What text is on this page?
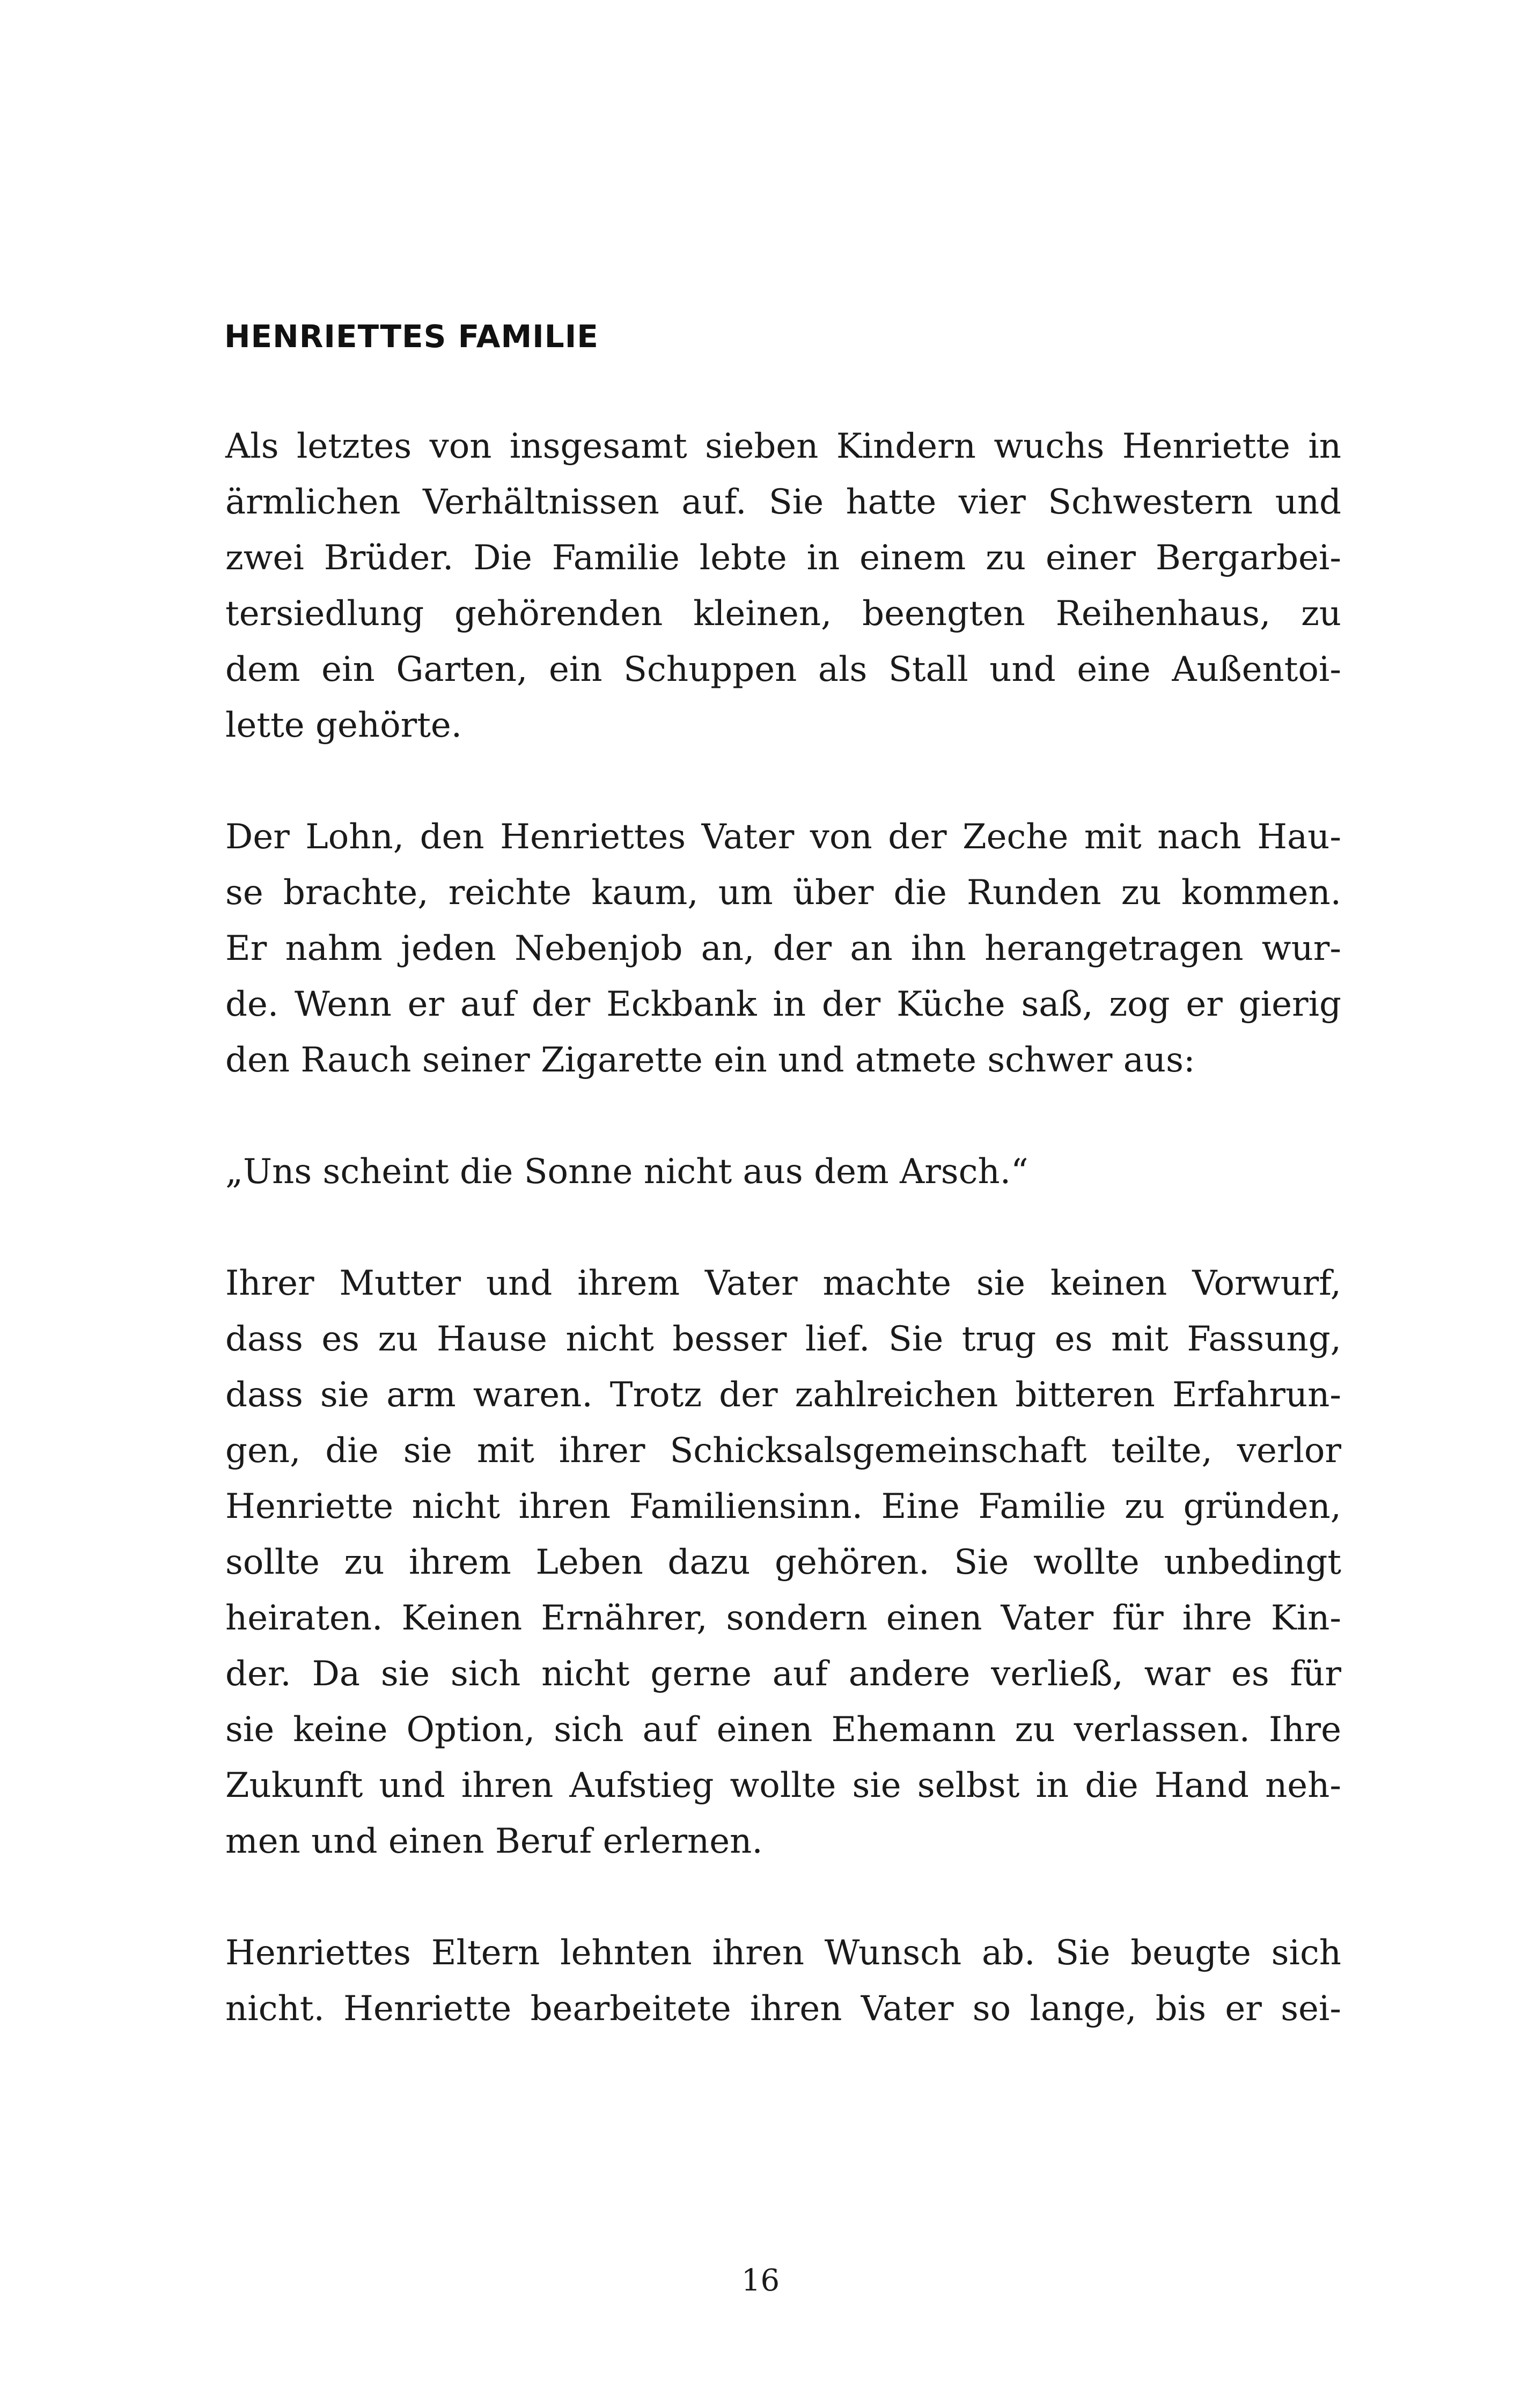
HENRIETTES FAMILIE
Als letztes von insgesamt sieben Kindern wuchs Henriette in
ärmlichen Verhältnissen auf. Sie hatte vier Schwestern und
zwei Brüder. Die Familie lebte in einem zu einer Bergarbei-
tersiedlung gehörenden kleinen, beengten Reihenhaus, zu
dem ein Garten, ein Schuppen als Stall und eine Außentoi-
lette gehörte.
Der Lohn, den Henriettes Vater von der Zeche mit nach Hau-
se brachte, reichte kaum, um über die Runden zu kommen.
Er nahm jeden Nebenjob an, der an ihn herangetragen wur-
de. Wenn er auf der Eckbank in der Küche saß, zog er gierig
den Rauch seiner Zigarette ein und atmete schwer aus:
„Uns scheint die Sonne nicht aus dem Arsch.“
Ihrer Mutter und ihrem Vater machte sie keinen Vorwurf,
dass es zu Hause nicht besser lief. Sie trug es mit Fassung,
dass sie arm waren. Trotz der zahlreichen bitteren Erfahrun-
gen, die sie mit ihrer Schicksalsgemeinschaft teilte, verlor
Henriette nicht ihren Familiensinn. Eine Familie zu gründen,
sollte zu ihrem Leben dazu gehören. Sie wollte unbedingt
heiraten. Keinen Ernährer, sondern einen Vater für ihre Kin-
der. Da sie sich nicht gerne auf andere verließ, war es für
sie keine Option, sich auf einen Ehemann zu verlassen. Ihre
Zukunft und ihren Aufstieg wollte sie selbst in die Hand neh-
men und einen Beruf erlernen.
Henriettes Eltern lehnten ihren Wunsch ab. Sie beugte sich
nicht. Henriette bearbeitete ihren Vater so lange, bis er sei-
16
